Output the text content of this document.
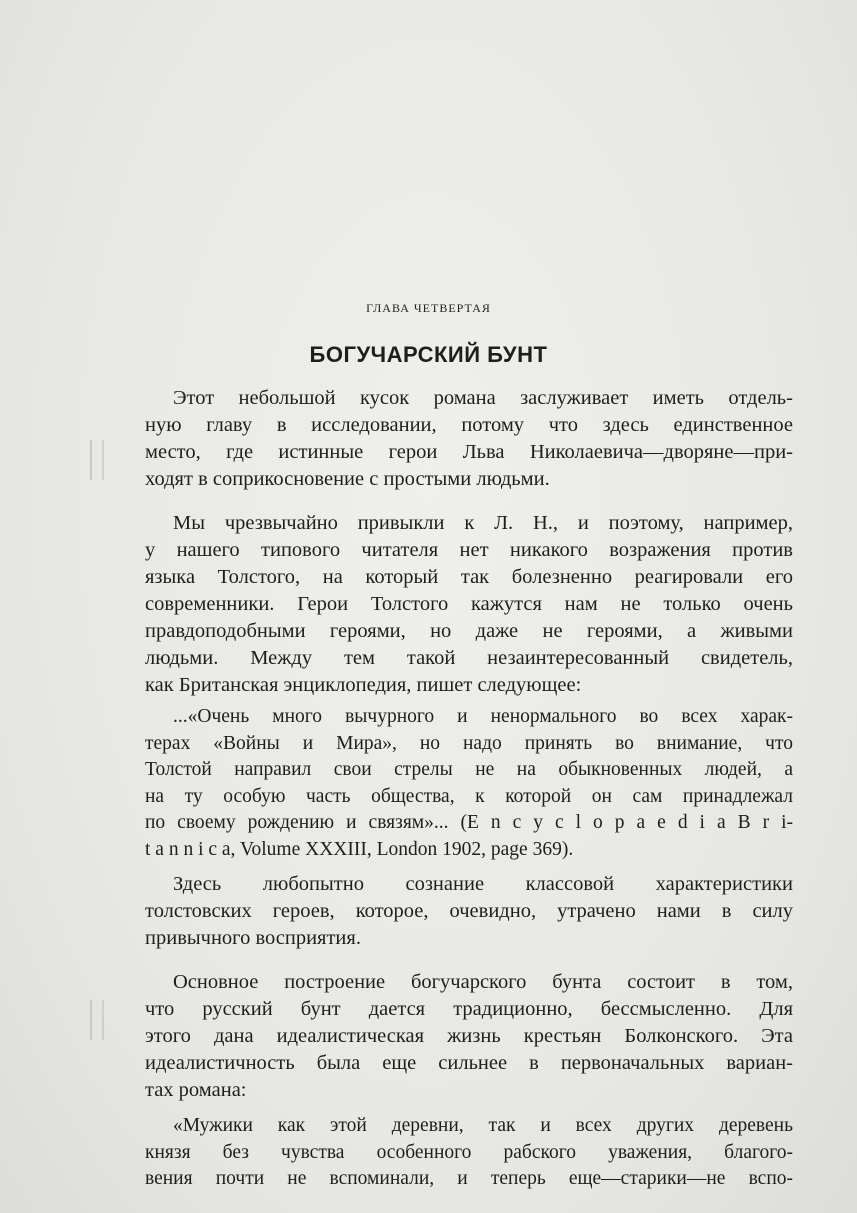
ГЛАВА ЧЕТВЕРТАЯ
БОГУЧАРСКИЙ БУНТ
Этот небольшой кусок романа заслуживает иметь отдель-
ную главу в исследовании, потому что здесь единственное
место, где истинные герои Льва Николаевича—дворяне—при-
ходят в соприкосновение с простыми людьми.
Мы чрезвычайно привыкли к Л. Н., и поэтому, например,
у нашего типового читателя нет никакого возражения против
языка Толстого, на который так болезненно реагировали его
современники. Герои Толстого кажутся нам не только очень
правдоподобными героями, но даже не героями, а живыми
людьми. Между тем такой незаинтересованный свидетель,
как Британская энциклопедия, пишет следующее:
...«Очень много вычурного и ненормального во всех харак-
терах «Войны и Мира», но надо принять во внимание, что
Толстой направил свои стрелы не на обыкновенных людей, а
на ту особую часть общества, к которой он сам принадлежал
по своему рождению и связям»... (E n c y c l o p a e d i a B r i-
t a n n i c a, Volume XXXIII, London 1902, page 369).
Здесь любопытно сознание классовой характеристики
толстовских героев, которое, очевидно, утрачено нами в силу
привычного восприятия.
Основное построение богучарского бунта состоит в том,
что русский бунт дается традиционно, бессмысленно. Для
этого дана идеалистическая жизнь крестьян Болконского. Эта
идеалистичность была еще сильнее в первоначальных вариан-
тах романа:
«Мужики как этой деревни, так и всех других деревень
князя без чувства особенного рабского уважения, благого-
вения почти не вспоминали, и теперь еще—старики—не вспо-
